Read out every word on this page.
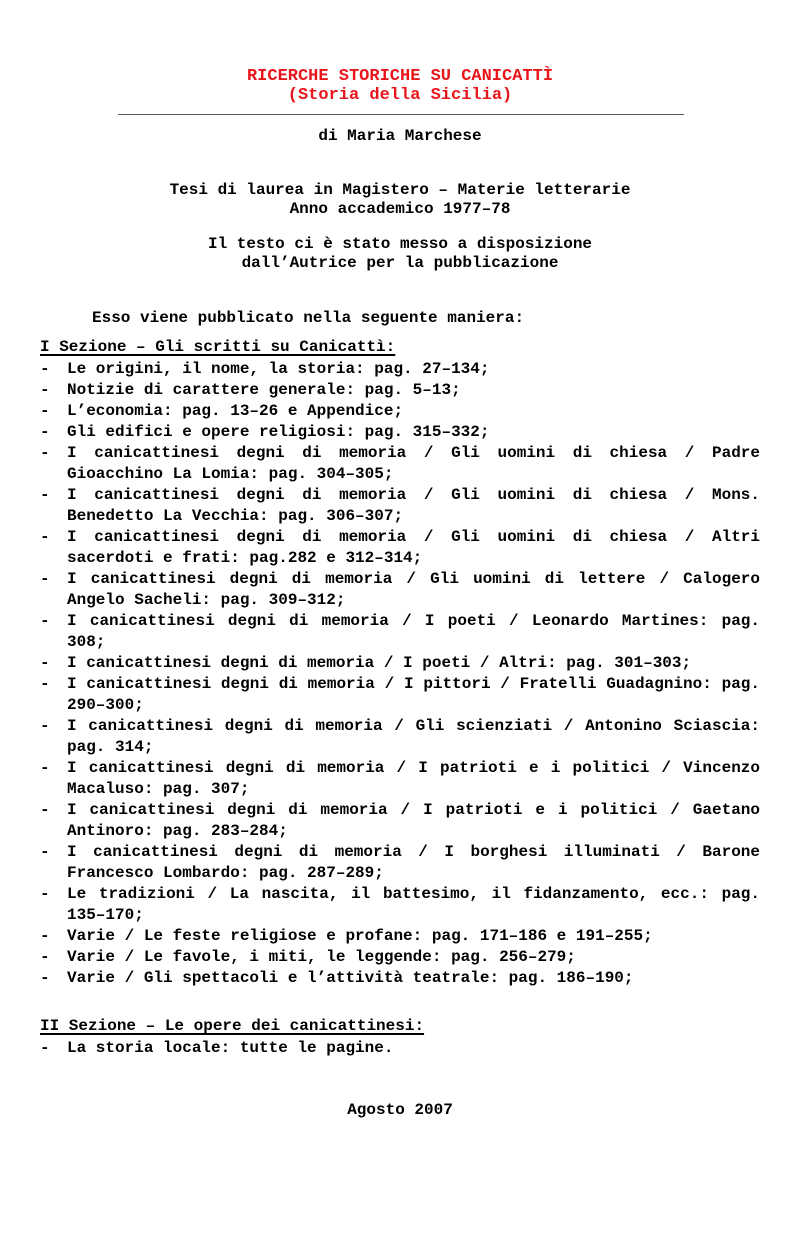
RICERCHE STORICHE SU CANICATTÌ
(Storia della Sicilia)
di Maria Marchese
Tesi di laurea in Magistero – Materie letterarie
Anno accademico 1977–78
Il testo ci è stato messo a disposizione
dall’Autrice per la pubblicazione
Esso viene pubblicato nella seguente maniera:
I Sezione – Gli scritti su Canicattì:
- Le origini, il nome, la storia: pag. 27–134;
- Notizie di carattere generale: pag. 5–13;
- L’economia: pag. 13–26 e Appendice;
- Gli edifici e opere religiosi: pag. 315–332;
- I canicattinesi degni di memoria / Gli uomini di chiesa / Padre Gioacchino La Lomia: pag. 304–305;
- I canicattinesi degni di memoria / Gli uomini di chiesa / Mons. Benedetto La Vecchia: pag. 306–307;
- I canicattinesi degni di memoria / Gli uomini di chiesa / Altri sacerdoti e frati: pag.282 e 312–314;
- I canicattinesi degni di memoria / Gli uomini di lettere / Calogero Angelo Sacheli: pag. 309–312;
- I canicattinesi degni di memoria / I poeti / Leonardo Martines: pag. 308;
- I canicattinesi degni di memoria / I poeti / Altri: pag. 301–303;
- I canicattinesi degni di memoria / I pittori / Fratelli Guadagnino: pag. 290–300;
- I canicattinesi degni di memoria / Gli scienziati / Antonino Sciascia: pag. 314;
- I canicattinesi degni di memoria / I patrioti e i politici / Vincenzo Macaluso: pag. 307;
- I canicattinesi degni di memoria / I patrioti e i politici / Gaetano Antinoro: pag. 283–284;
- I canicattinesi degni di memoria / I borghesi illuminati / Barone Francesco Lombardo: pag. 287–289;
- Le tradizioni / La nascita, il battesimo, il fidanzamento, ecc.: pag. 135–170;
- Varie / Le feste religiose e profane: pag. 171–186 e 191–255;
- Varie / Le favole, i miti, le leggende: pag. 256–279;
- Varie / Gli spettacoli e l’attività teatrale: pag. 186–190;
II Sezione – Le opere dei canicattinesi:
- La storia locale: tutte le pagine.
Agosto 2007
